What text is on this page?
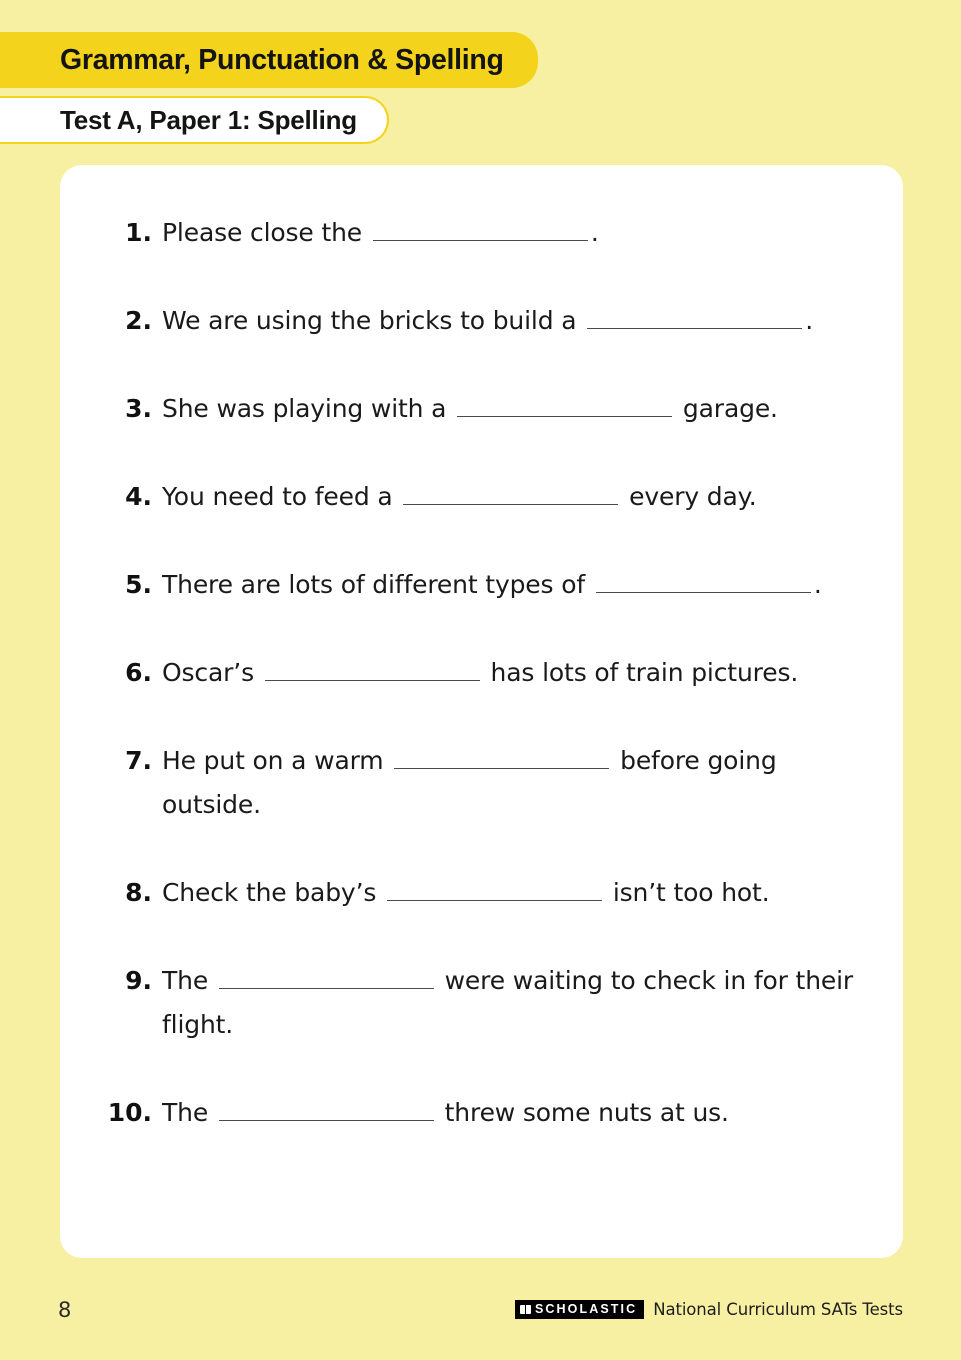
Grammar, Punctuation & Spelling
Test A, Paper 1: Spelling
1. Please close the	.
2. We are using the bricks to build a	.
3. She was playing with a	garage.
4. You need to feed a	every day.
5. There are lots of different types of	.
6. Oscar’s	has lots of train pictures.
7. He put on a warm	before going outside.
8. Check the baby’s	isn’t too hot.
9. The	were waiting to check in for their flight.
10. The	threw some nuts at us.
8	SCHOLASTIC National Curriculum SATs Tests
